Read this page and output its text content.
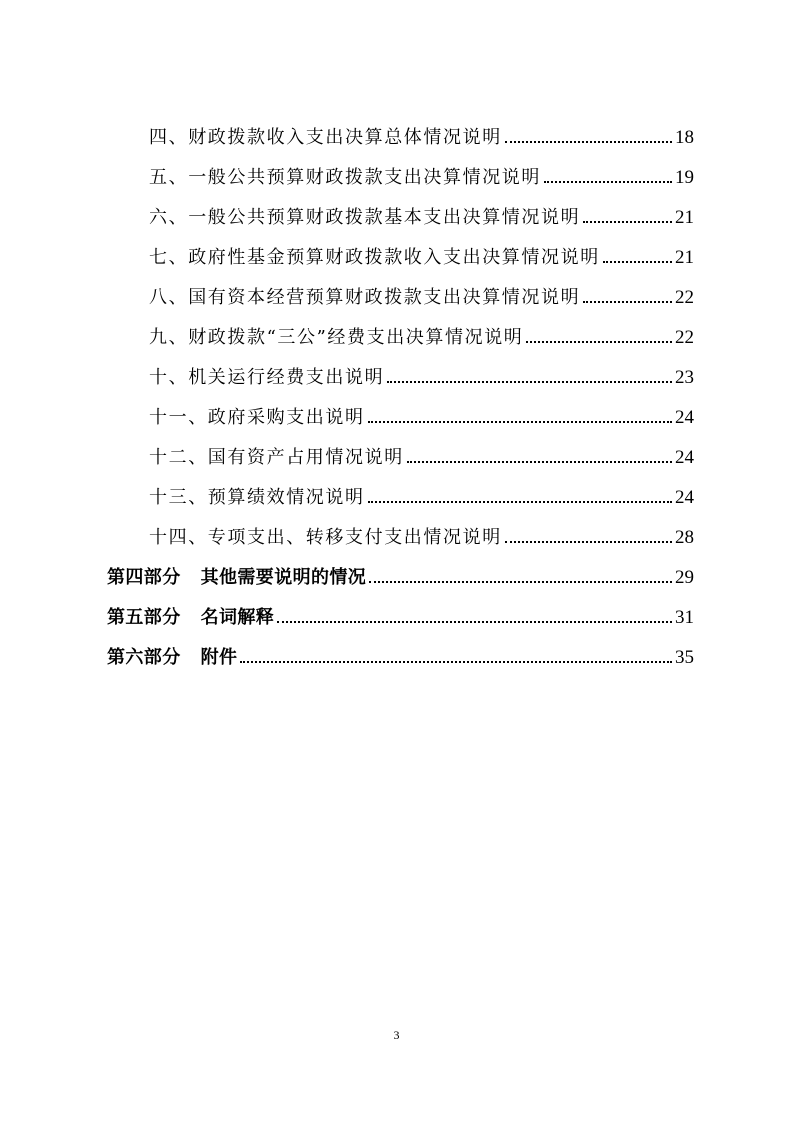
四、财政拨款收入支出决算总体情况说明	18
五、一般公共预算财政拨款支出决算情况说明	19
六、一般公共预算财政拨款基本支出决算情况说明	21
七、政府性基金预算财政拨款收入支出决算情况说明	21
八、国有资本经营预算财政拨款支出决算情况说明	22
九、财政拨款“三公”经费支出决算情况说明	22
十、机关运行经费支出说明	23
十一、政府采购支出说明	24
十二、国有资产占用情况说明	24
十三、预算绩效情况说明	24
十四、专项支出、转移支付支出情况说明	28
第四部分 其他需要说明的情况	29
第五部分 名词解释	31
第六部分 附件	35
3
